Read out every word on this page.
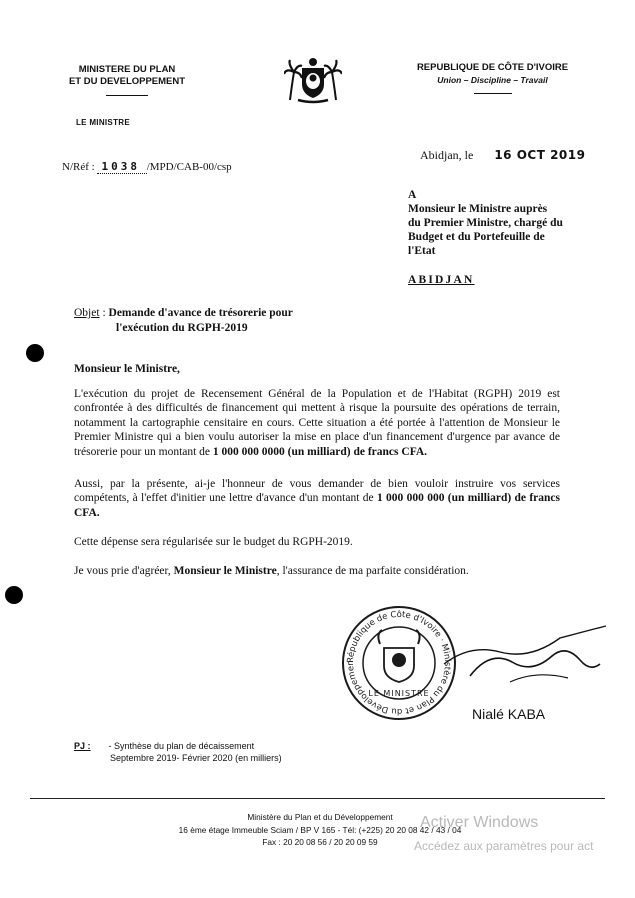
MINISTERE DU PLAN
ET DU DEVELOPPEMENT
LE MINISTRE
REPUBLIQUE DE CÔTE D'IVOIRE
Union – Discipline – Travail
N/Réf : 1038 /MPD/CAB-00/csp
Abidjan, le 16 OCT 2019
A
Monsieur le Ministre auprès
du Premier Ministre, chargé du
Budget et du Portefeuille de
l'Etat
ABIDJAN
Objet : Demande d'avance de trésorerie pour
l'exécution du RGPH-2019
Monsieur le Ministre,
L'exécution du projet de Recensement Général de la Population et de l'Habitat (RGPH) 2019 est confrontée à des difficultés de financement qui mettent à risque la poursuite des opérations de terrain, notamment la cartographie censitaire en cours. Cette situation a été portée à l'attention de Monsieur le Premier Ministre qui a bien voulu autoriser la mise en place d'un financement d'urgence par avance de trésorerie pour un montant de 1 000 000 0000 (un milliard) de francs CFA.
Aussi, par la présente, ai-je l'honneur de vous demander de bien vouloir instruire vos services compétents, à l'effet d'initier une lettre d'avance d'un montant de 1 000 000 000 (un milliard) de francs CFA.
Cette dépense sera régularisée sur le budget du RGPH-2019.
Je vous prie d'agréer, Monsieur le Ministre, l'assurance de ma parfaite considération.
République de Côte d'Ivoire · Ministère du Plan et du Développemen
LE MINISTRE
Nialé KABA
PJ : - Synthèse du plan de décaissement
Septembre 2019- Février 2020 (en milliers)
Ministère du Plan et du Développement
16 ème étage Immeuble Sciam / BP V 165 - Tél: (+225) 20 20 08 42 / 43 / 04
Fax : 20 20 08 56 / 20 20 09 59
Activer Windows
Accédez aux paramètres pour act
